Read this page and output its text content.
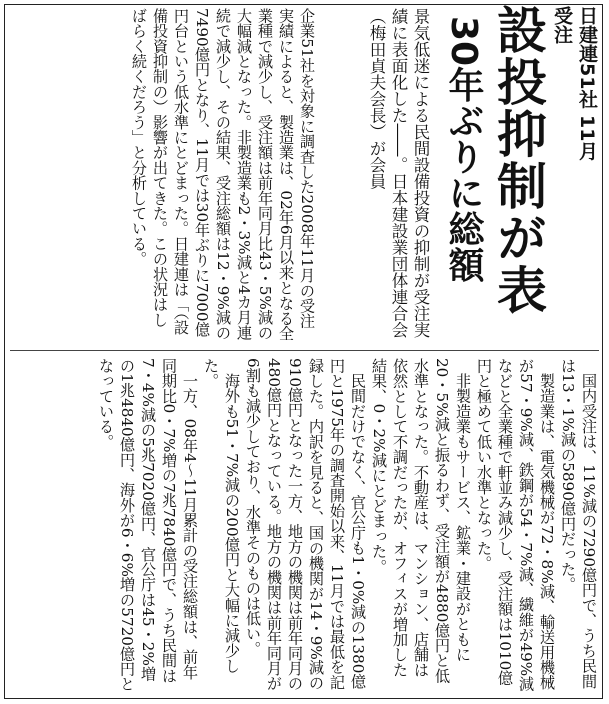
日建連51社 11月受注
設投抑制が表
30年ぶりに総額
景気低迷による民間設備投資の抑制が受注実績に表面化した――。日本建設業団体連合会（梅田貞夫会長）が会員
企業51社を対象に調査した2008年11月の受注実績によると、製造業は、02年6月以来となる全業種で減少し、受注額は前年同月比43・5%減の大幅減となった。非製造業も2・3%減と4カ月連続で減少し、その結果、受注総額は12・9%減の7490億円となり、11月では30年ぶりに7000億円台という低水準にとどまった。日建連は「（設備投資抑制の）影響が出てきた。この状況はしばらく続くだろう」と分析している。

国内受注は、11%減の7290億円で、うち民間は13・1%減の5890億円だった。

製造業は、電気機械が72・8%減、輸送用機械が57・9%減、鉄鋼が54・7%減、繊維が49%減などと全業種で軒並み減少し、受注額は1010億円と極めて低い水準となった。

非製造業もサービス、鉱業・建設がともに20・5%減と振るわず、受注額が4880億円と低水準となった。不動産は、マンション、店舗は依然として不調だったが、オフィスが増加した結果、0・2%減にとどまった。

民間だけでなく、官公庁も1・0%減の1380億円と1975年の調査開始以来、11月では最低を記録した。内訳を見ると、国の機関が14・9%減の910億円となった一方、地方の機関は前年同月の480億円となっている。地方の機関は前年同月が6割も減少しており、水準そのものは低い。

海外も51・7%減の200億円と大幅に減少した。

一方、08年4～11月累計の受注総額は、前年同期比0・7%増の7兆7840億円で、うち民間は7・4%減の5兆7020億円、官公庁は45・2%増の1兆4840億円、海外が6・6%増の5720億円となっている。
